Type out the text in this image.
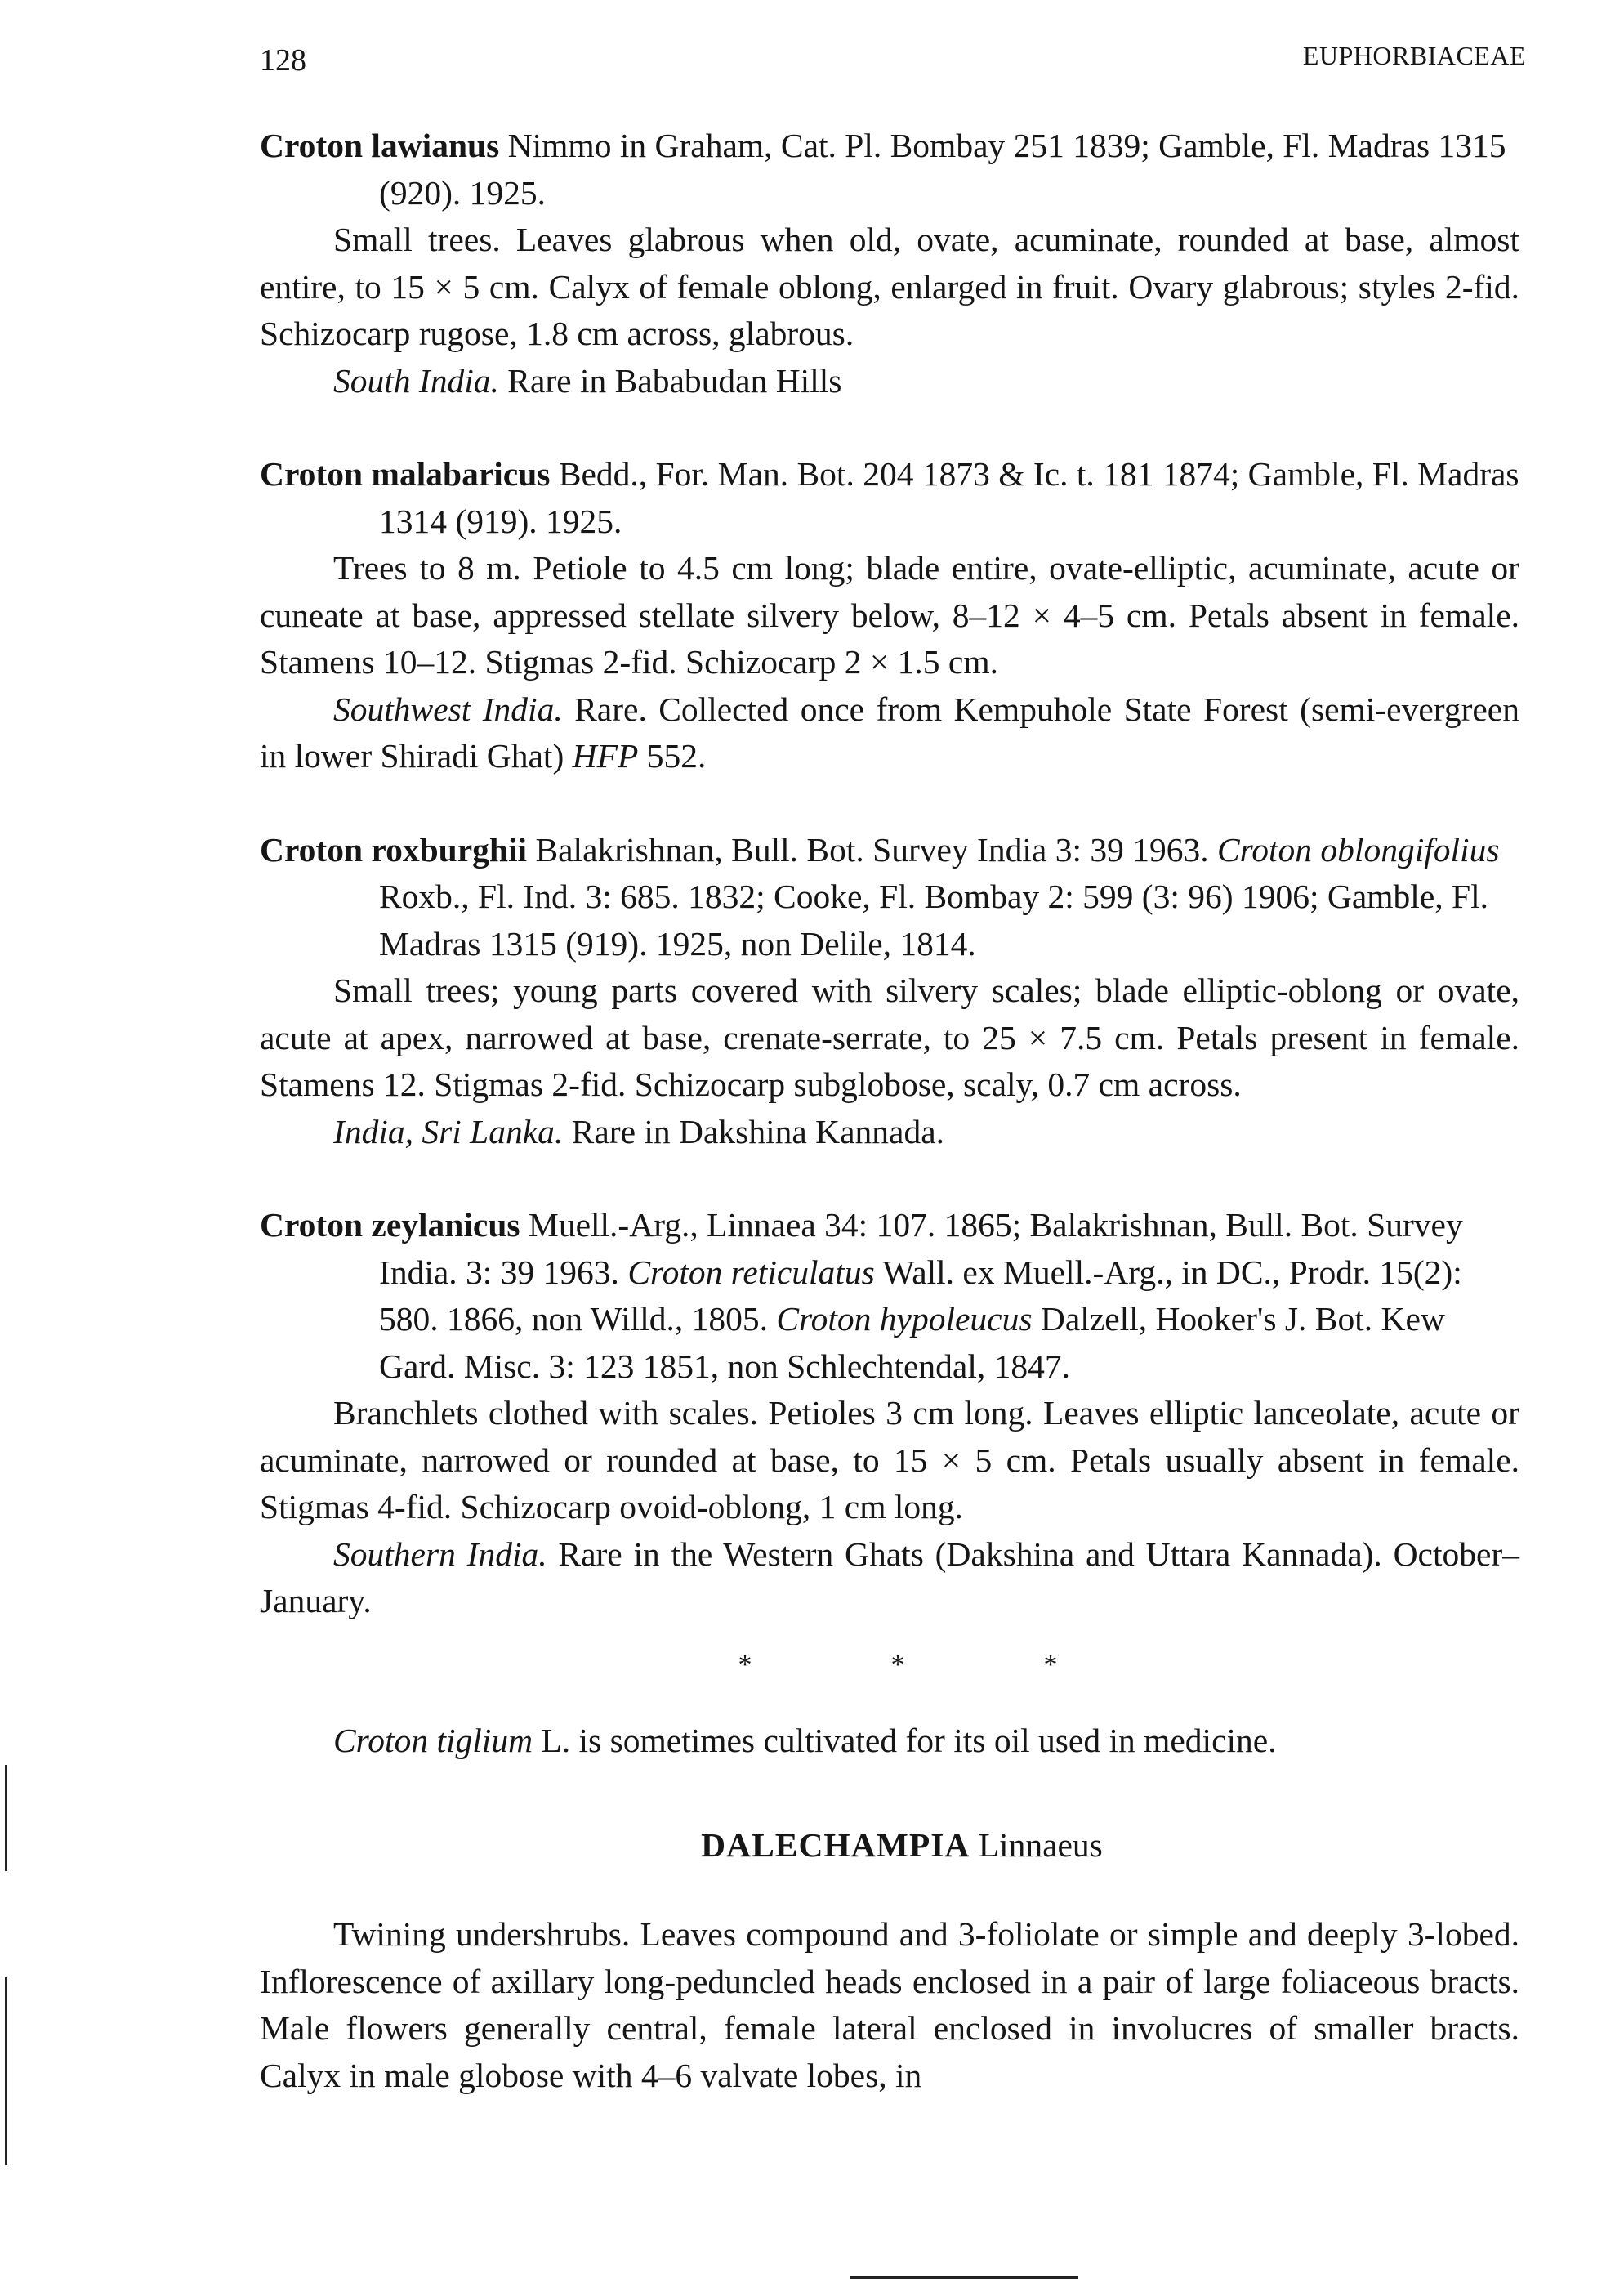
128	EUPHORBIACEAE

Croton lawianus Nimmo in Graham, Cat. Pl. Bombay 251 1839; Gamble, Fl. Madras 1315 (920). 1925.

Small trees. Leaves glabrous when old, ovate, acuminate, rounded at base, almost entire, to 15 × 5 cm. Calyx of female oblong, enlarged in fruit. Ovary glabrous; styles 2-fid. Schizocarp rugose, 1.8 cm across, glabrous.

South India. Rare in Bababudan Hills

Croton malabaricus Bedd., For. Man. Bot. 204 1873 & Ic. t. 181 1874; Gamble, Fl. Madras 1314 (919). 1925.

Trees to 8 m. Petiole to 4.5 cm long; blade entire, ovate-elliptic, acuminate, acute or cuneate at base, appressed stellate silvery below, 8–12 × 4–5 cm. Petals absent in female. Stamens 10–12. Stigmas 2-fid. Schizocarp 2 × 1.5 cm.

Southwest India. Rare. Collected once from Kempuhole State Forest (semi-evergreen in lower Shiradi Ghat) HFP 552.

Croton roxburghii Balakrishnan, Bull. Bot. Survey India 3: 39 1963. Croton oblongifolius Roxb., Fl. Ind. 3: 685. 1832; Cooke, Fl. Bombay 2: 599 (3: 96) 1906; Gamble, Fl. Madras 1315 (919). 1925, non Delile, 1814.

Small trees; young parts covered with silvery scales; blade elliptic-oblong or ovate, acute at apex, narrowed at base, crenate-serrate, to 25 × 7.5 cm. Petals present in female. Stamens 12. Stigmas 2-fid. Schizocarp subglobose, scaly, 0.7 cm across.

India, Sri Lanka. Rare in Dakshina Kannada.

Croton zeylanicus Muell.-Arg., Linnaea 34: 107. 1865; Balakrishnan, Bull. Bot. Survey India. 3: 39 1963. Croton reticulatus Wall. ex Muell.-Arg., in DC., Prodr. 15(2): 580. 1866, non Willd., 1805. Croton hypoleucus Dalzell, Hooker's J. Bot. Kew Gard. Misc. 3: 123 1851, non Schlechtendal, 1847.

Branchlets clothed with scales. Petioles 3 cm long. Leaves elliptic lanceolate, acute or acuminate, narrowed or rounded at base, to 15 × 5 cm. Petals usually absent in female. Stigmas 4-fid. Schizocarp ovoid-oblong, 1 cm long.

Southern India. Rare in the Western Ghats (Dakshina and Uttara Kannada). October–January.

*	*	*

Croton tiglium L. is sometimes cultivated for its oil used in medicine.

DALECHAMPIA Linnaeus

Twining undershrubs. Leaves compound and 3-foliolate or simple and deeply 3-lobed. Inflorescence of axillary long-peduncled heads enclosed in a pair of large foliaceous bracts. Male flowers generally central, female lateral enclosed in involucres of smaller bracts. Calyx in male globose with 4–6 valvate lobes, in
